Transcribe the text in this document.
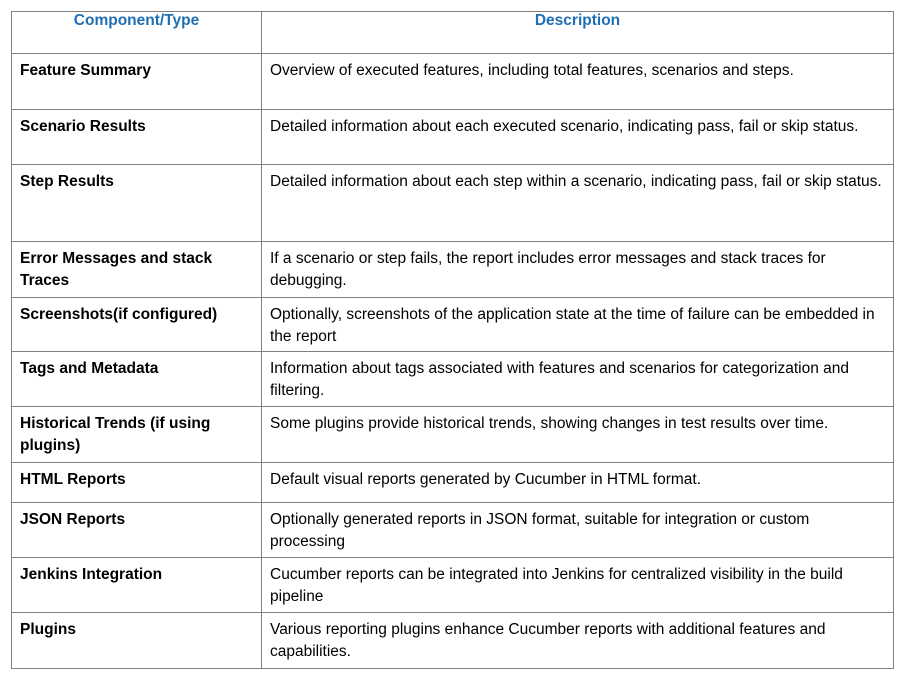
Component/Type	Description
Feature Summary	Overview of executed features, including total features, scenarios and steps.
Scenario Results	Detailed information about each executed scenario, indicating pass, fail or skip status.
Step Results	Detailed information about each step within a scenario, indicating pass, fail or skip status.
Error Messages and stack Traces	If a scenario or step fails, the report includes error messages and stack traces for debugging.
Screenshots(if configured)	Optionally, screenshots of the application state at the time of failure can be embedded in the report
Tags and Metadata	Information about tags associated with features and scenarios for categorization and filtering.
Historical Trends (if using plugins)	Some plugins provide historical trends, showing changes in test results over time.
HTML Reports	Default visual reports generated by Cucumber in HTML format.
JSON Reports	Optionally generated reports in JSON format, suitable for integration or custom processing
Jenkins Integration	Cucumber reports can be integrated into Jenkins for centralized visibility in the build pipeline
Plugins	Various reporting plugins enhance Cucumber reports with additional features and capabilities.
